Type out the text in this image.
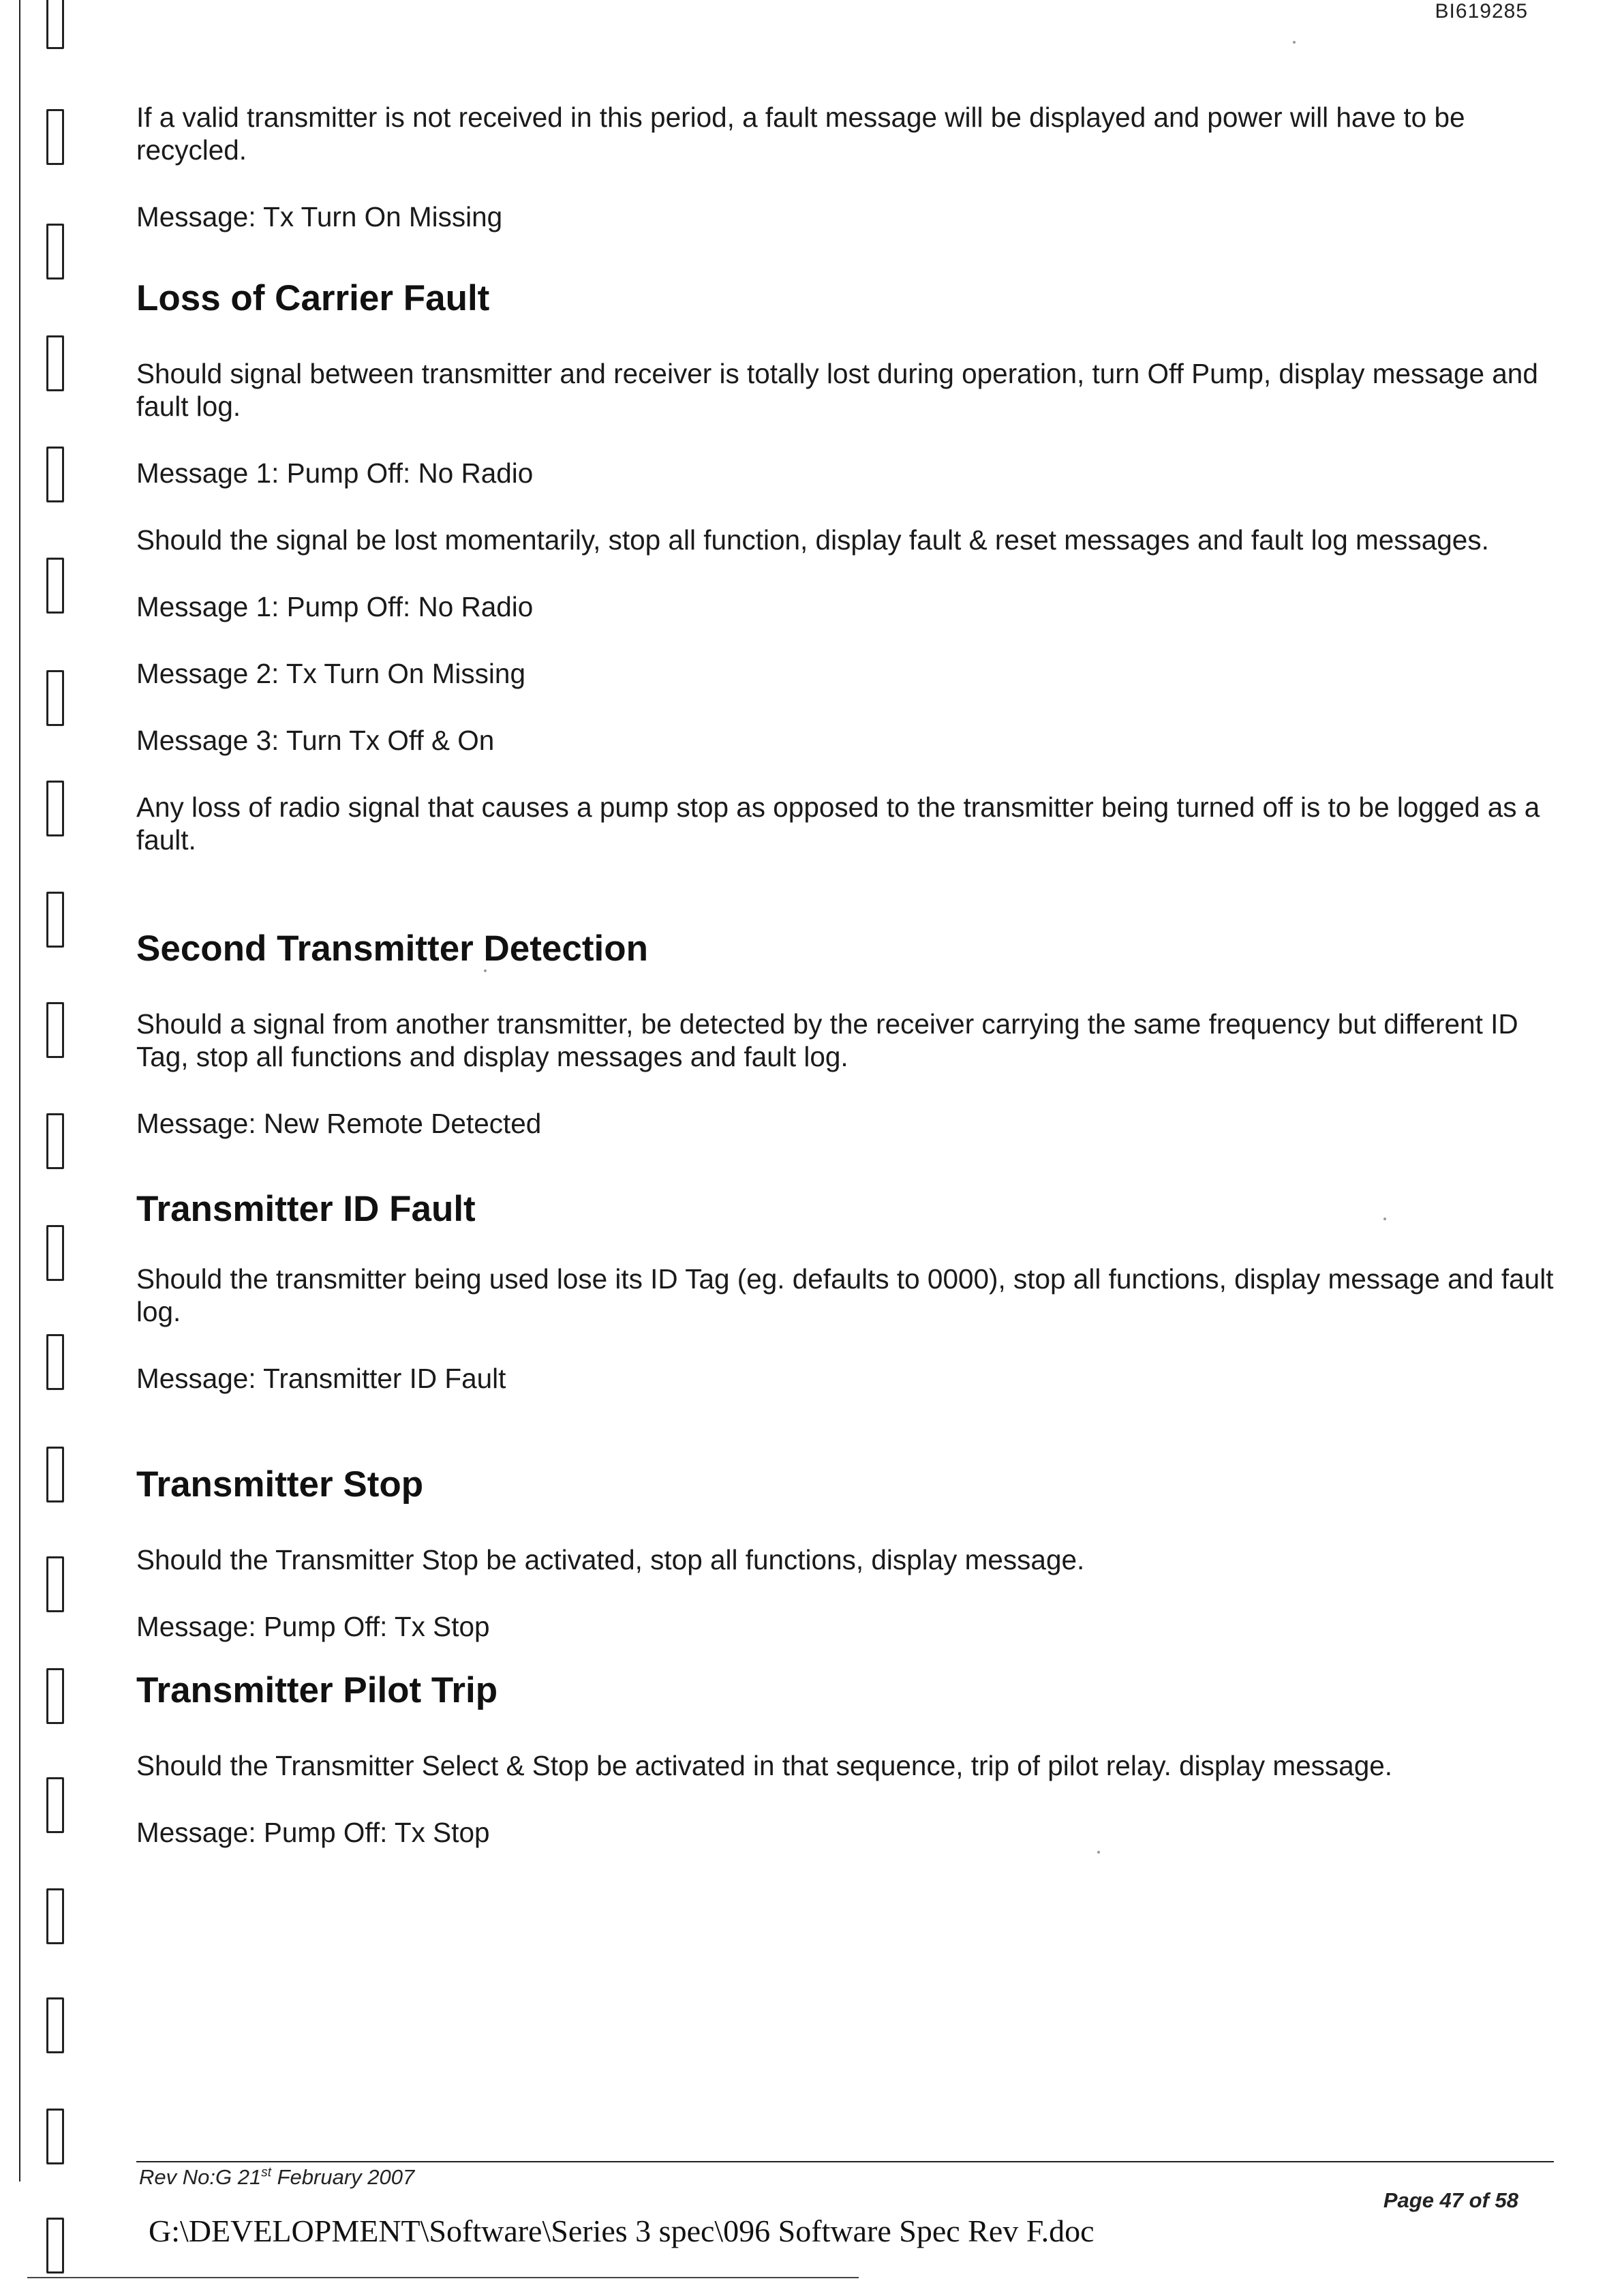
BI619285

If a valid transmitter is not received in this period, a fault message will be displayed and power will have to be recycled.

Message: Tx Turn On Missing

Loss of Carrier Fault

Should signal between transmitter and receiver is totally lost during operation, turn Off Pump, display message and fault log.

Message 1: Pump Off: No Radio

Should the signal be lost momentarily, stop all function, display fault & reset messages and fault log messages.

Message 1: Pump Off: No Radio

Message 2: Tx Turn On Missing

Message 3: Turn Tx Off & On

Any loss of radio signal that causes a pump stop as opposed to the transmitter being turned off is to be logged as a fault.

Second Transmitter Detection

Should a signal from another transmitter, be detected by the receiver carrying the same frequency but different ID Tag, stop all functions and display messages and fault log.

Message: New Remote Detected

Transmitter ID Fault

Should the transmitter being used lose its ID Tag (eg. defaults to 0000), stop all functions, display message and fault log.

Message: Transmitter ID Fault

Transmitter Stop

Should the Transmitter Stop be activated, stop all functions, display message.

Message: Pump Off: Tx Stop

Transmitter Pilot Trip

Should the Transmitter Select & Stop be activated in that sequence, trip of pilot relay. display message.

Message: Pump Off: Tx Stop

Rev No:G 21st February 2007
Page 47 of 58
G:\DEVELOPMENT\Software\Series 3 spec\096 Software Spec Rev F.doc
